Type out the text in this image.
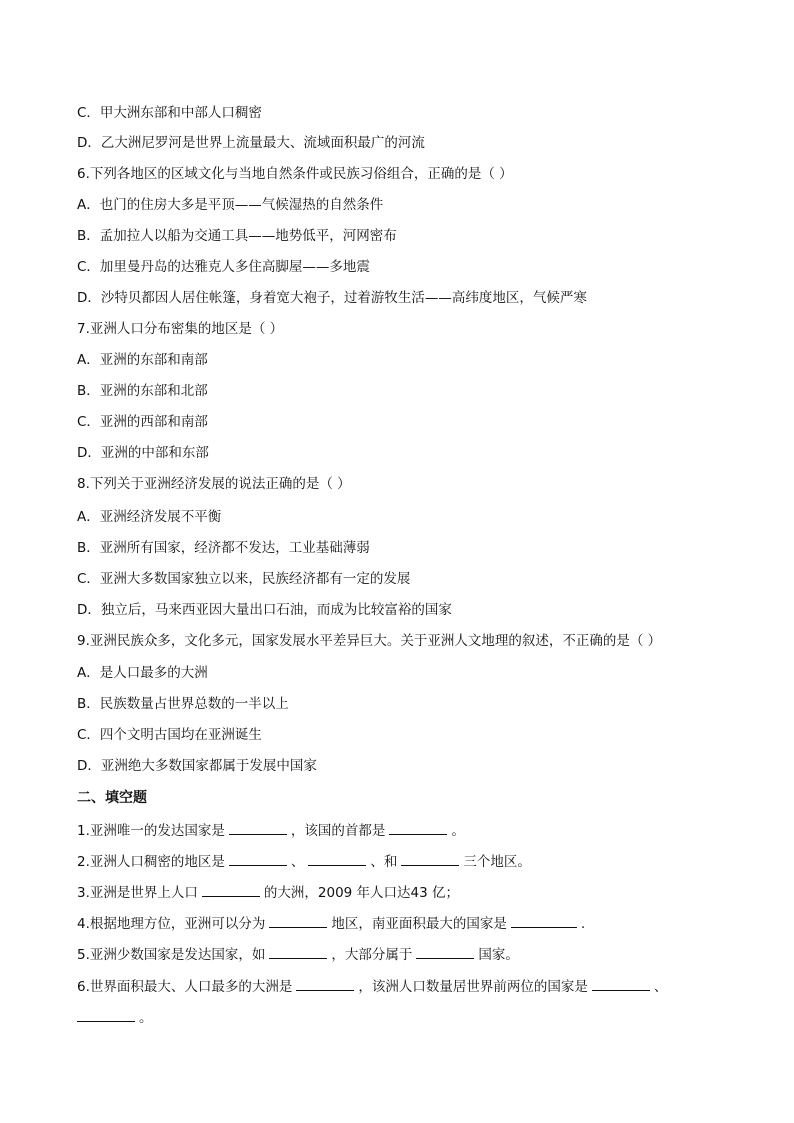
C．甲大洲东部和中部人口稠密
D．乙大洲尼罗河是世界上流量最大、流域面积最广的河流
6.下列各地区的区域文化与当地自然条件或民族习俗组合，正确的是（ ）
A．也门的住房大多是平顶——气候湿热的自然条件
B．孟加拉人以船为交通工具——地势低平，河网密布
C．加里曼丹岛的达雅克人多住高脚屋——多地震
D．沙特贝都因人居住帐篷，身着宽大袍子，过着游牧生活——高纬度地区，气候严寒
7.亚洲人口分布密集的地区是（ ）
A．亚洲的东部和南部
B．亚洲的东部和北部
C．亚洲的西部和南部
D．亚洲的中部和东部
8.下列关于亚洲经济发展的说法正确的是（ ）
A．亚洲经济发展不平衡
B．亚洲所有国家，经济都不发达，工业基础薄弱
C．亚洲大多数国家独立以来，民族经济都有一定的发展
D．独立后，马来西亚因大量出口石油，而成为比较富裕的国家
9.亚洲民族众多，文化多元，国家发展水平差异巨大。关于亚洲人文地理的叙述，不正确的是（ ）
A．是人口最多的大洲
B．民族数量占世界总数的一半以上
C．四个文明古国均在亚洲诞生
D．亚洲绝大多数国家都属于发展中国家
二、填空题
1.亚洲唯一的发达国家是	，该国的首都是	。
2.亚洲人口稠密的地区是	、	、和	三个地区。
3.亚洲是世界上人口	的大洲，2009 年人口达43 亿；
4.根据地理方位，亚洲可以分为	地区，南亚面积最大的国家是	.
5.亚洲少数国家是发达国家，如	，大部分属于	国家。
6.世界面积最大、人口最多的大洲是	，该洲人口数量居世界前两位的国家是	、
。
